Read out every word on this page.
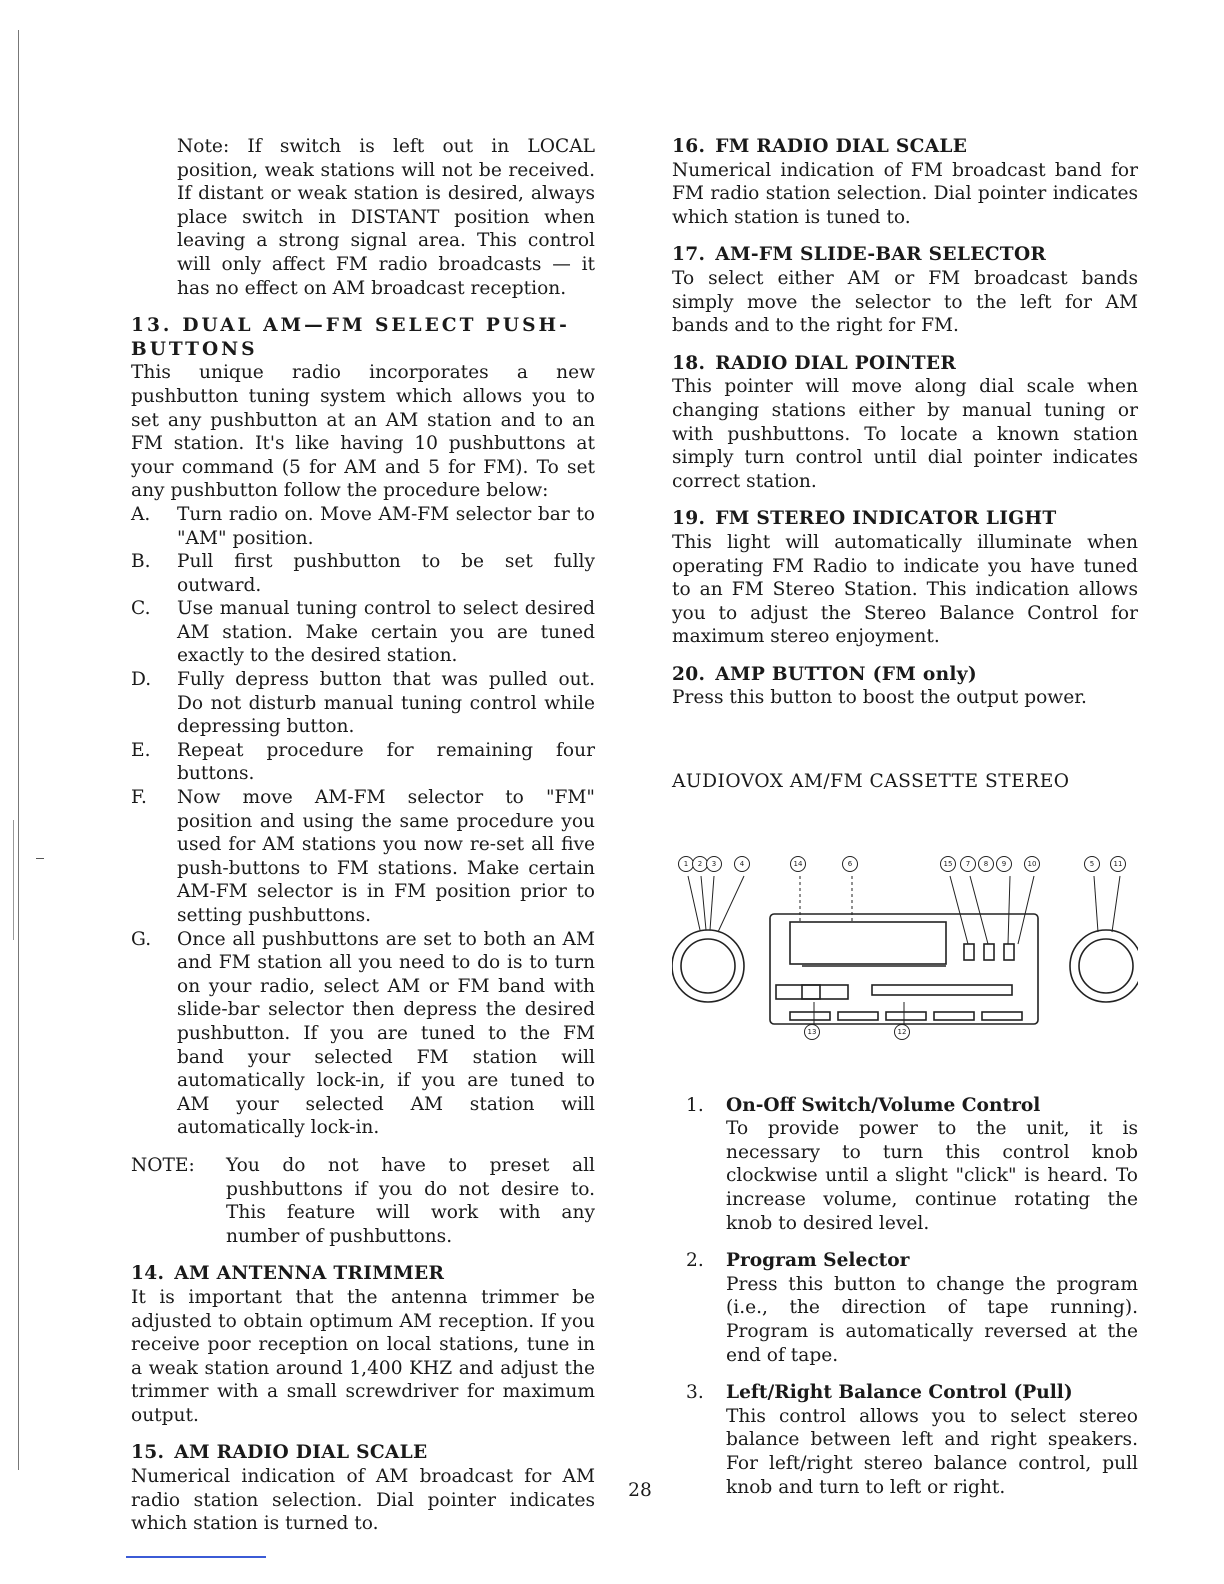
Note: If switch is left out in LOCAL position, weak stations will not be received. If distant or weak station is desired, always place switch in DISTANT position when leaving a strong signal area. This control will only affect FM radio broadcasts — it has no effect on AM broadcast reception.

13. DUAL AM—FM SELECT PUSH-BUTTONS

This unique radio incorporates a new pushbutton tuning system which allows you to set any pushbutton at an AM station and to an FM station. It's like having 10 pushbuttons at your command (5 for AM and 5 for FM). To set any pushbutton follow the procedure below:

A.	Turn radio on. Move AM-FM selector bar to "AM" position.
B.	Pull first pushbutton to be set fully outward.
C.	Use manual tuning control to select desired AM station. Make certain you are tuned exactly to the desired station.
D.	Fully depress button that was pulled out. Do not disturb manual tuning control while depressing button.
E.	Repeat procedure for remaining four buttons.
F.	Now move AM-FM selector to "FM" position and using the same procedure you used for AM stations you now re-set all five push-buttons to FM stations. Make certain AM-FM selector is in FM position prior to setting pushbuttons.
G.	Once all pushbuttons are set to both an AM and FM station all you need to do is to turn on your radio, select AM or FM band with slide-bar selector then depress the desired pushbutton. If you are tuned to the FM band your selected FM station will automatically lock-in, if you are tuned to AM your selected AM station will automatically lock-in.
NOTE:	You do not have to preset all pushbuttons if you do not desire to. This feature will work with any number of pushbuttons.
14. AM ANTENNA TRIMMER

It is important that the antenna trimmer be adjusted to obtain optimum AM reception. If you receive poor reception on local stations, tune in a weak station around 1,400 KHZ and adjust the trimmer with a small screwdriver for maximum output.

15. AM RADIO DIAL SCALE

Numerical indication of AM broadcast for AM radio station selection. Dial pointer indicates which station is turned to.

16. FM RADIO DIAL SCALE

Numerical indication of FM broadcast band for FM radio station selection. Dial pointer indicates which station is tuned to.

17. AM-FM SLIDE-BAR SELECTOR

To select either AM or FM broadcast bands simply move the selector to the left for AM bands and to the right for FM.

18. RADIO DIAL POINTER

This pointer will move along dial scale when changing stations either by manual tuning or with pushbuttons. To locate a known station simply turn control until dial pointer indicates correct station.

19. FM STEREO INDICATOR LIGHT

This light will automatically illuminate when operating FM Radio to indicate you have tuned to an FM Stereo Station. This indication allows you to adjust the Stereo Balance Control for maximum stereo enjoyment.

20. AMP BUTTON (FM only)

Press this button to boost the output power.

AUDIOVOX AM/FM CASSETTE STEREO
1	2	3	4	14	6	15	7	8	9	10	5	11
13	12
1.	On-Off Switch/Volume Control
To provide power to the unit, it is necessary to turn this control knob clockwise until a slight "click" is heard. To increase volume, continue rotating the knob to desired level.
2.	Program Selector
Press this button to change the program (i.e., the direction of tape running). Program is automatically reversed at the end of tape.
3.	Left/Right Balance Control (Pull)
This control allows you to select stereo balance between left and right speakers. For left/right stereo balance control, pull knob and turn to left or right.
28
